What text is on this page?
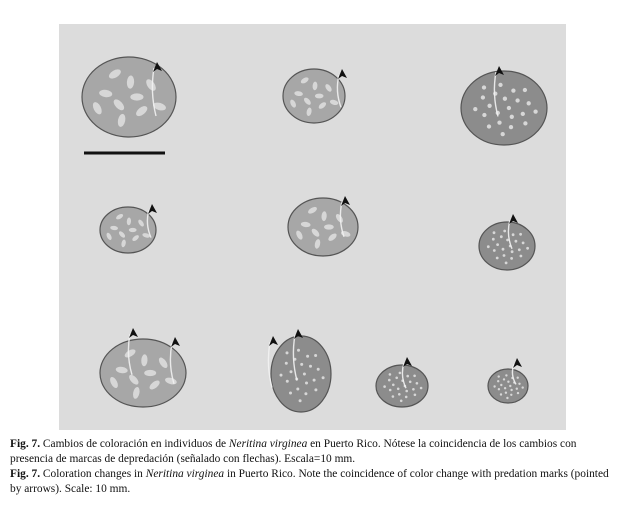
Fig. 7. Cambios de coloración en individuos de Neritina virginea en Puerto Rico. Nótese la coincidencia de los cambios con presencia de marcas de depredación (señalado con flechas). Escala=10 mm.

Fig. 7. Coloration changes in Neritina virginea in Puerto Rico. Note the coincidence of color change with predation marks (pointed by arrows). Scale: 10 mm.
